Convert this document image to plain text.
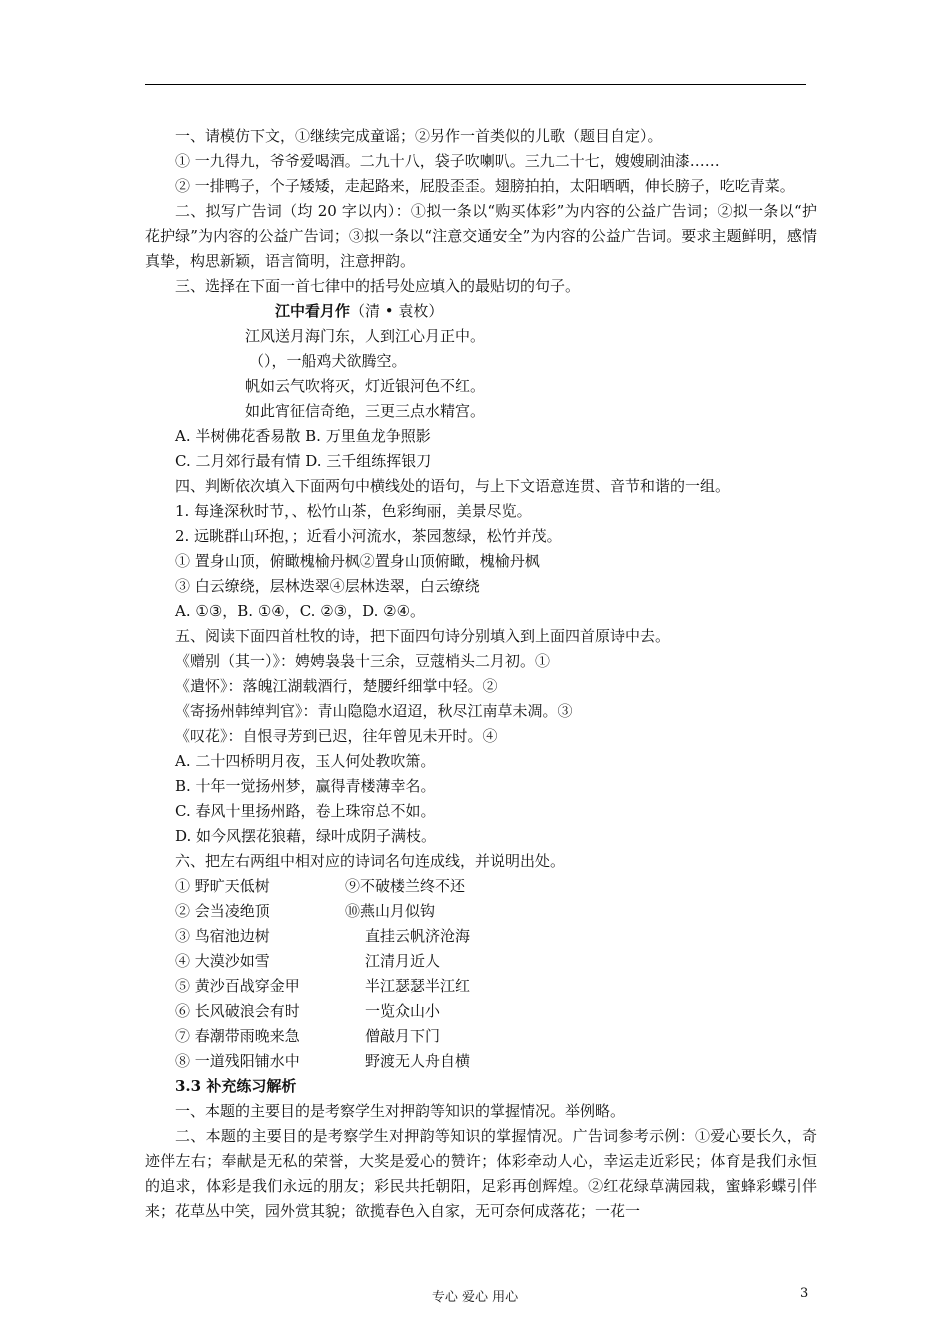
一、请模仿下文，①继续完成童谣；②另作一首类似的儿歌（题目自定）。
① 一九得九，爷爷爱喝酒。二九十八，袋子吹喇叭。三九二十七，嫂嫂刷油漆……
② 一排鸭子，个子矮矮，走起路来，屁股歪歪。翅膀拍拍，太阳晒晒，伸长膀子，吃吃青菜。
二、拟写广告词（均 20 字以内）：①拟一条以“购买体彩”为内容的公益广告词；②拟一条以“护花护绿”为内容的公益广告词；③拟一条以“注意交通安全”为内容的公益广告词。要求主题鲜明，感情真挚，构思新颖，语言简明，注意押韵。
三、选择在下面一首七律中的括号处应填入的最贴切的句子。
江中看月作（清 • 袁枚）
江风送月海门东，人到江心月正中。
（），一船鸡犬欲腾空。
帆如云气吹将灭，灯近银河色不红。
如此宵征信奇绝，三更三点水精宫。
A. 半树佛花香易散 B. 万里鱼龙争照影
C. 二月郊行最有情 D. 三千组练挥银刀
四、判断依次填入下面两句中横线处的语句，与上下文语意连贯、音节和谐的一组。
1. 每逢深秋时节，、松竹山茶，色彩绚丽，美景尽览。
2. 远眺群山环抱，；近看小河流水，茶园葱绿，松竹并茂。
① 置身山顶，俯瞰槐榆丹枫②置身山顶俯瞰，槐榆丹枫
③ 白云缭绕，层林迭翠④层林迭翠，白云缭绕
A. ①③，B. ①④，C. ②③，D. ②④。
五、阅读下面四首杜牧的诗，把下面四句诗分别填入到上面四首原诗中去。
《赠别（其一）》：娉娉袅袅十三余，豆蔻梢头二月初。①
《遣怀》：落魄江湖载酒行，楚腰纤细掌中轻。②
《寄扬州韩绰判官》：青山隐隐水迢迢，秋尽江南草未凋。③
《叹花》：自恨寻芳到已迟，往年曾见未开时。④
A. 二十四桥明月夜，玉人何处教吹箫。
B. 十年一觉扬州梦，赢得青楼薄幸名。
C. 春风十里扬州路，卷上珠帘总不如。
D. 如今风摆花狼藉，绿叶成阴子满枝。
六、把左右两组中相对应的诗词名句连成线，并说明出处。
① 野旷天低树	⑨不破楼兰终不还
② 会当凌绝顶	⑩燕山月似钩
③ 鸟宿池边树	直挂云帆济沧海
④ 大漠沙如雪	江清月近人
⑤ 黄沙百战穿金甲	半江瑟瑟半江红
⑥ 长风破浪会有时	一览众山小
⑦ 春潮带雨晚来急	僧敲月下门
⑧ 一道残阳铺水中	野渡无人舟自横
3.3 补充练习解析
一、本题的主要目的是考察学生对押韵等知识的掌握情况。举例略。
二、本题的主要目的是考察学生对押韵等知识的掌握情况。广告词参考示例：①爱心要长久，奇迹伴左右；奉献是无私的荣誉，大奖是爱心的赞许；体彩牵动人心，幸运走近彩民；体育是我们永恒的追求，体彩是我们永远的朋友；彩民共托朝阳，足彩再创辉煌。②红花绿草满园栽，蜜蜂彩蝶引伴来；花草丛中笑，园外赏其貌；欲揽春色入自家，无可奈何成落花；一花一
专心 爱心 用心	3
